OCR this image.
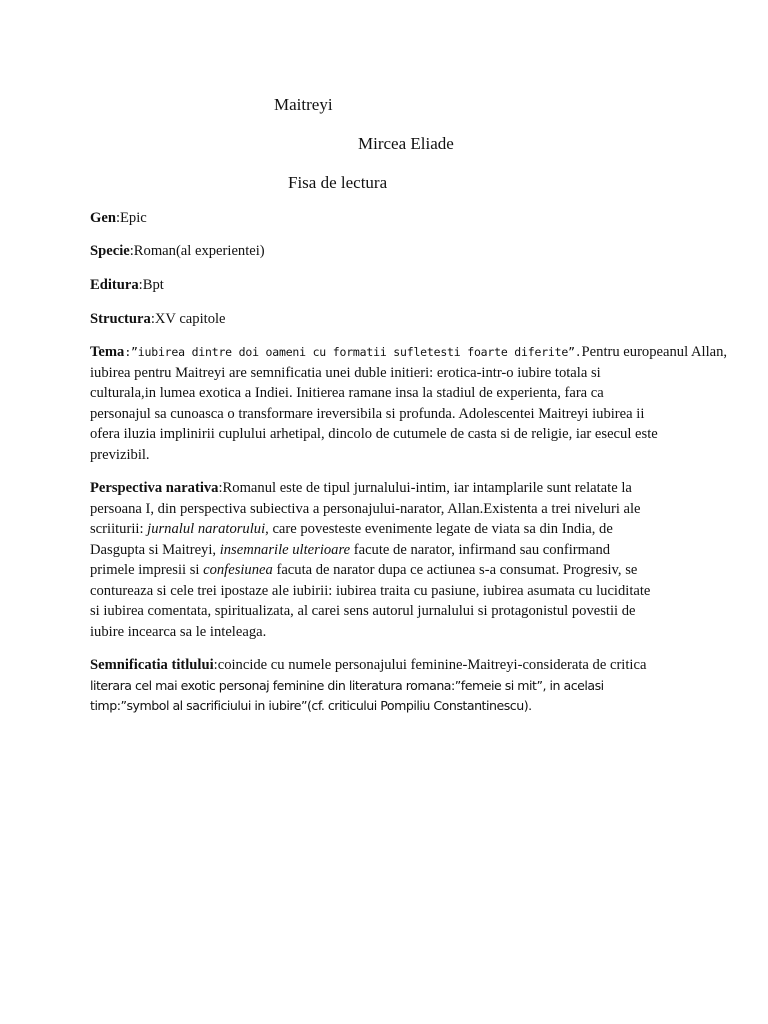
Maitreyi
Mircea Eliade
Fisa de lectura
Gen:Epic
Specie:Roman(al experientei)
Editura:Bpt
Structura:XV capitole
Tema:”iubirea dintre doi oameni cu formatii sufletesti foarte diferite”.Pentru europeanul Allan,
iubirea pentru Maitreyi are semnificatia unei duble initieri: erotica-intr-o iubire totala si
culturala,in lumea exotica a Indiei. Initierea ramane insa la stadiul de experienta, fara ca
personajul sa cunoasca o transformare ireversibila si profunda. Adolescentei Maitreyi iubirea ii
ofera iluzia implinirii cuplului arhetipal, dincolo de cutumele de casta si de religie, iar esecul este
previzibil.
Perspectiva narativa:Romanul este de tipul jurnalului-intim, iar intamplarile sunt relatate la
persoana I, din perspectiva subiectiva a personajului-narator, Allan.Existenta a trei niveluri ale
scriiturii: jurnalul naratorului, care povesteste evenimente legate de viata sa din India, de
Dasgupta si Maitreyi, insemnarile ulterioare facute de narator, infirmand sau confirmand
primele impresii si confesiunea facuta de narator dupa ce actiunea s-a consumat. Progresiv, se
contureaza si cele trei ipostaze ale iubirii: iubirea traita cu pasiune, iubirea asumata cu luciditate
si iubirea comentata, spiritualizata, al carei sens autorul jurnalului si protagonistul povestii de
iubire incearca sa le inteleaga.
Semnificatia titlului:coincide cu numele personajului feminine-Maitreyi-considerata de critica
literara cel mai exotic personaj feminine din literatura romana:”femeie si mit”, in acelasi
timp:”symbol al sacrificiului in iubire”(cf. criticului Pompiliu Constantinescu).
